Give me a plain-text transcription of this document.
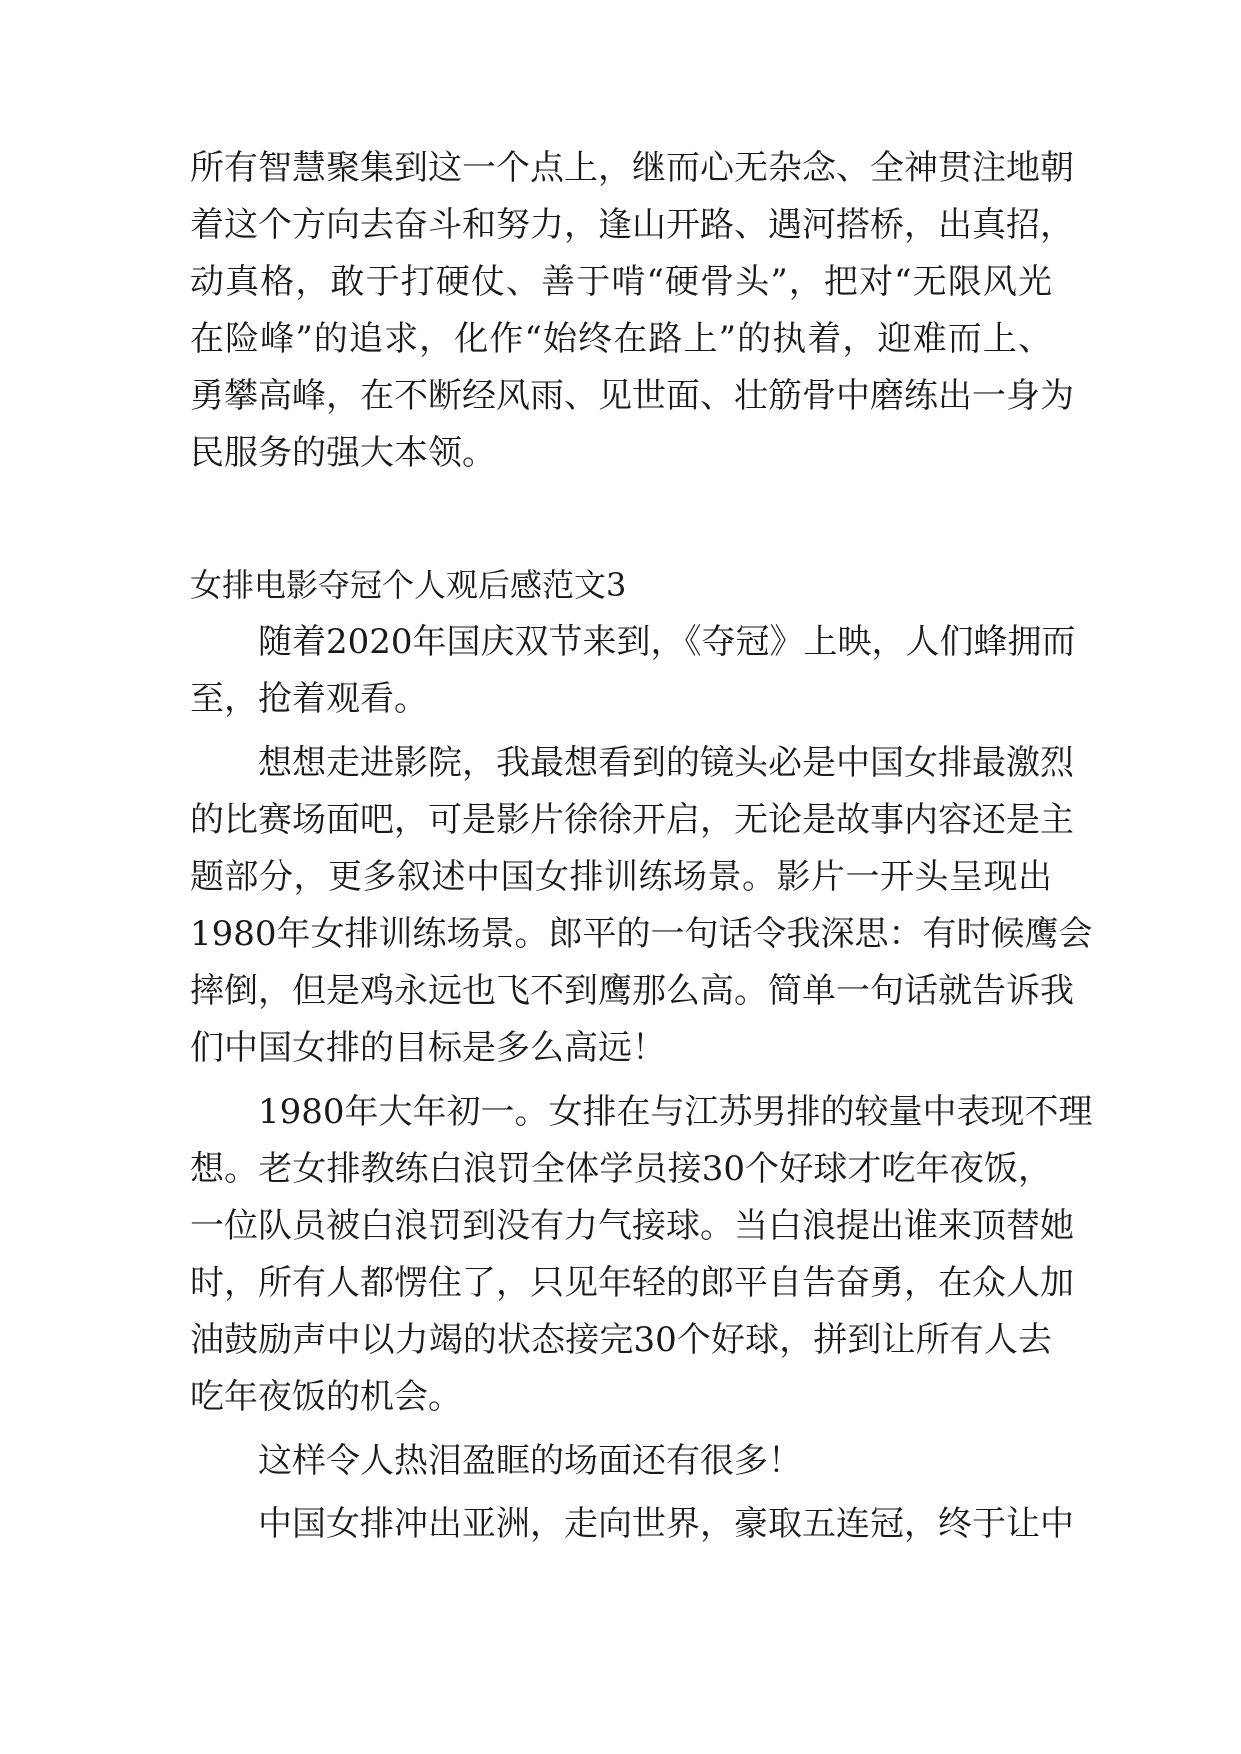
所有智慧聚集到这一个点上，继而心无杂念、全神贯注地朝
着这个方向去奋斗和努力，逢山开路、遇河搭桥，出真招，
动真格，敢于打硬仗、善于啃“硬骨头”，把对“无限风光
在险峰”的追求，化作“始终在路上”的执着，迎难而上、
勇攀高峰，在不断经风雨、见世面、壮筋骨中磨练出一身为
民服务的强大本领。
女排电影夺冠个人观后感范文3
随着2020年国庆双节来到，《夺冠》上映，人们蜂拥而
至，抢着观看。
想想走进影院，我最想看到的镜头必是中国女排最激烈
的比赛场面吧，可是影片徐徐开启，无论是故事内容还是主
题部分，更多叙述中国女排训练场景。影片一开头呈现出
1980年女排训练场景。郎平的一句话令我深思：有时候鹰会
摔倒，但是鸡永远也飞不到鹰那么高。简单一句话就告诉我
们中国女排的目标是多么高远！
1980年大年初一。女排在与江苏男排的较量中表现不理
想。老女排教练白浪罚全体学员接30个好球才吃年夜饭，
一位队员被白浪罚到没有力气接球。当白浪提出谁来顶替她
时，所有人都愣住了，只见年轻的郎平自告奋勇，在众人加
油鼓励声中以力竭的状态接完30个好球，拼到让所有人去
吃年夜饭的机会。
这样令人热泪盈眶的场面还有很多！
中国女排冲出亚洲，走向世界，豪取五连冠，终于让中
